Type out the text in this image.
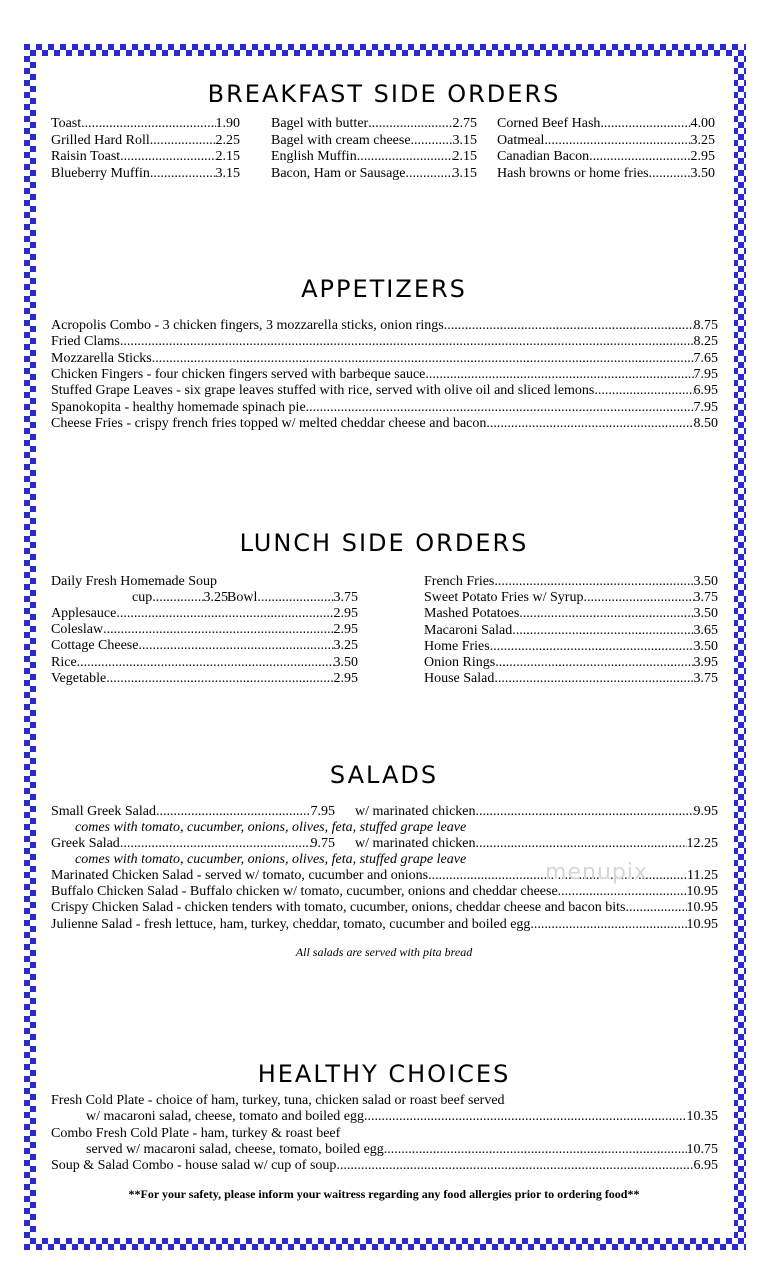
BREAKFAST SIDE ORDERS
Toast .....	1.90
Grilled Hard Roll .....	2.25
Raisin Toast .....	2.15
Blueberry Muffin .....	3.15
Bagel with butter .....	2.75
Bagel with cream cheese .....	3.15
English Muffin .....	2.15
Bacon, Ham or Sausage .....	3.15
Corned Beef Hash .....	4.00
Oatmeal .....	3.25
Canadian Bacon .....	2.95
Hash browns or home fries .....	3.50
APPETIZERS
Acropolis Combo - 3 chicken fingers, 3 mozzarella sticks, onion rings. .....	8.75
Fried Clams .....	8.25
Mozzarella Sticks .....	7.65
Chicken Fingers - four chicken fingers served with barbeque sauce .....	7.95
Stuffed Grape Leaves - six grape leaves stuffed with rice, served with olive oil and sliced lemons .....	6.95
Spanokopita - healthy homemade spinach pie .....	7.95
Cheese Fries - crispy french fries topped w/ melted cheddar cheese and bacon .....	8.50
LUNCH SIDE ORDERS
Daily Fresh Homemade Soup
cup .....	3.25 Bowl .....	3.75
Applesauce .....	2.95
Coleslaw .....	2.95
Cottage Cheese .....	3.25
Rice .....	3.50
Vegetable .....	2.95
French Fries .....	3.50
Sweet Potato Fries w/ Syrup .....	3.75
Mashed Potatoes .....	3.50
Macaroni Salad .....	3.65
Home Fries .....	3.50
Onion Rings .....	3.95
House Salad .....	3.75
SALADS
Small Greek Salad .....	7.95 w/ marinated chicken .....	9.95
comes with tomato, cucumber, onions, olives, feta, stuffed grape leave
Greek Salad .....	9.75 w/ marinated chicken .....	12.25
comes with tomato, cucumber, onions, olives, feta, stuffed grape leave
Marinated Chicken Salad - served w/ tomato, cucumber and onions .....	11.25
Buffalo Chicken Salad - Buffalo chicken w/ tomato, cucumber, onions and cheddar cheese .....	10.95
Crispy Chicken Salad - chicken tenders with tomato, cucumber, onions, cheddar cheese and bacon bits .....	10.95
Julienne Salad - fresh lettuce, ham, turkey, cheddar, tomato, cucumber and boiled egg .....	10.95
All salads are served with pita bread
menupix
HEALTHY CHOICES
Fresh Cold Plate - choice of ham, turkey, tuna, chicken salad or roast beef served
w/ macaroni salad, cheese, tomato and boiled egg .....	10.35
Combo Fresh Cold Plate - ham, turkey & roast beef
served w/ macaroni salad, cheese, tomato, boiled egg .....	10.75
Soup & Salad Combo - house salad w/ cup of soup .....	6.95
**For your safety, please inform your waitress regarding any food allergies prior to ordering food**
